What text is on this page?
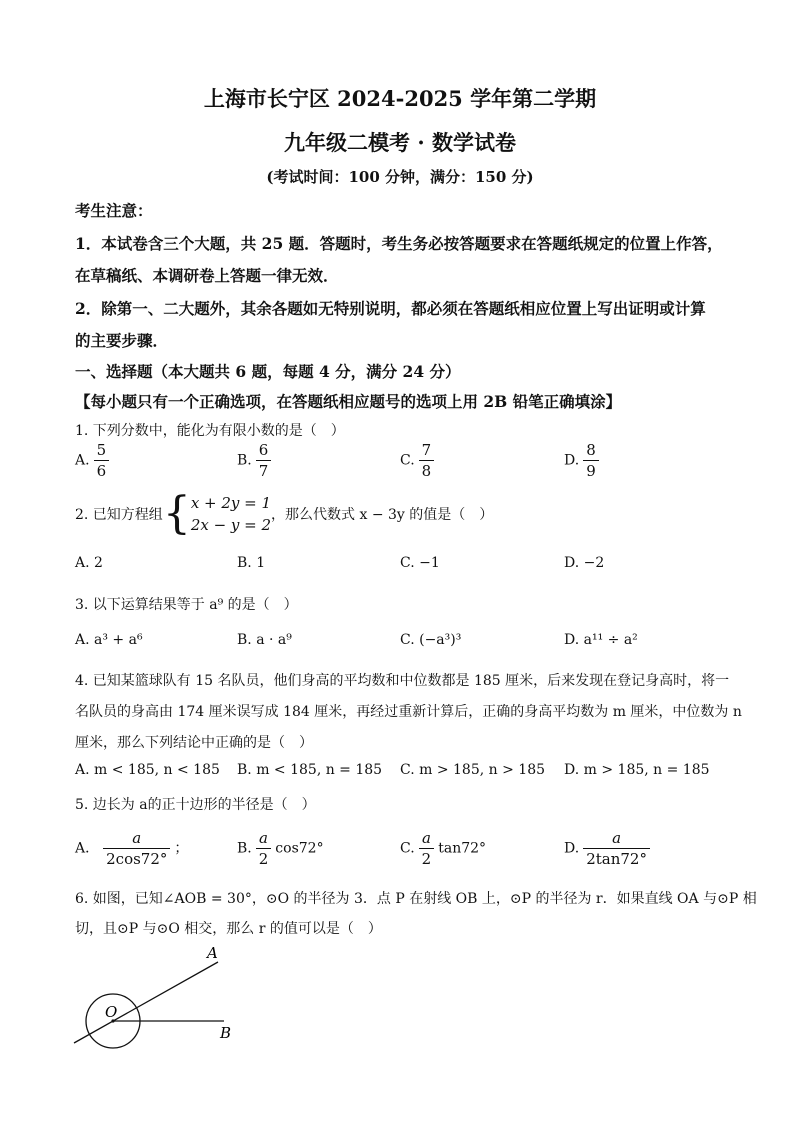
上海市长宁区 2024-2025 学年第二学期
九年级二模考 · 数学试卷
(考试时间：100 分钟，满分：150 分)
考生注意：
1．本试卷含三个大题，共 25 题．答题时，考生务必按答题要求在答题纸规定的位置上作答，
在草稿纸、本调研卷上答题一律无效．
2．除第一、二大题外，其余各题如无特别说明，都必须在答题纸相应位置上写出证明或计算
的主要步骤．
一、选择题（本大题共 6 题，每题 4 分，满分 24 分）
【每小题只有一个正确选项，在答题纸相应题号的选项上用 2B 铅笔正确填涂】
1. 下列分数中，能化为有限小数的是（　）
A. $\frac{5}{6}$	B. $\frac{6}{7}$	C. $\frac{7}{8}$	D. $\frac{8}{9}$
2. 已知方程组{ x + 2y = 1
2x − y = 2
，那么代数式 x − 3y 的值是（　）
A. 2	B. 1	C. −1	D. −2
3. 以下运算结果等于 a⁹ 的是（　）
A. a³ + a⁶	B. a · a⁹	C. (−a³)³	D. a¹¹ ÷ a²
4. 已知某篮球队有 15 名队员，他们身高的平均数和中位数都是 185 厘米，后来发现在登记身高时，将一
名队员的身高由 174 厘米误写成 184 厘米，再经过重新计算后，正确的身高平均数为 m 厘米，中位数为 n
厘米，那么下列结论中正确的是（　）
A. m < 185, n < 185 B. m < 185, n = 185 C. m > 185, n > 185 D. m > 185, n = 185
5. 边长为 a的正十边形的半径是（　）
A． $\frac{a}{2\cos 72^\circ}$ ；	B. $\frac{a}{2} \cos 72^\circ$	C. $\frac{a}{2} \tan 72^\circ$	D. $\frac{a}{2\tan 72^\circ}$
6. 如图，已知∠AOB = 30°，⊙O 的半径为 3．点 P 在射线 OB 上，⊙P 的半径为 r．如果直线 OA 与⊙P 相
切，且⊙P 与⊙O 相交，那么 r 的值可以是（　）
A
B
O
